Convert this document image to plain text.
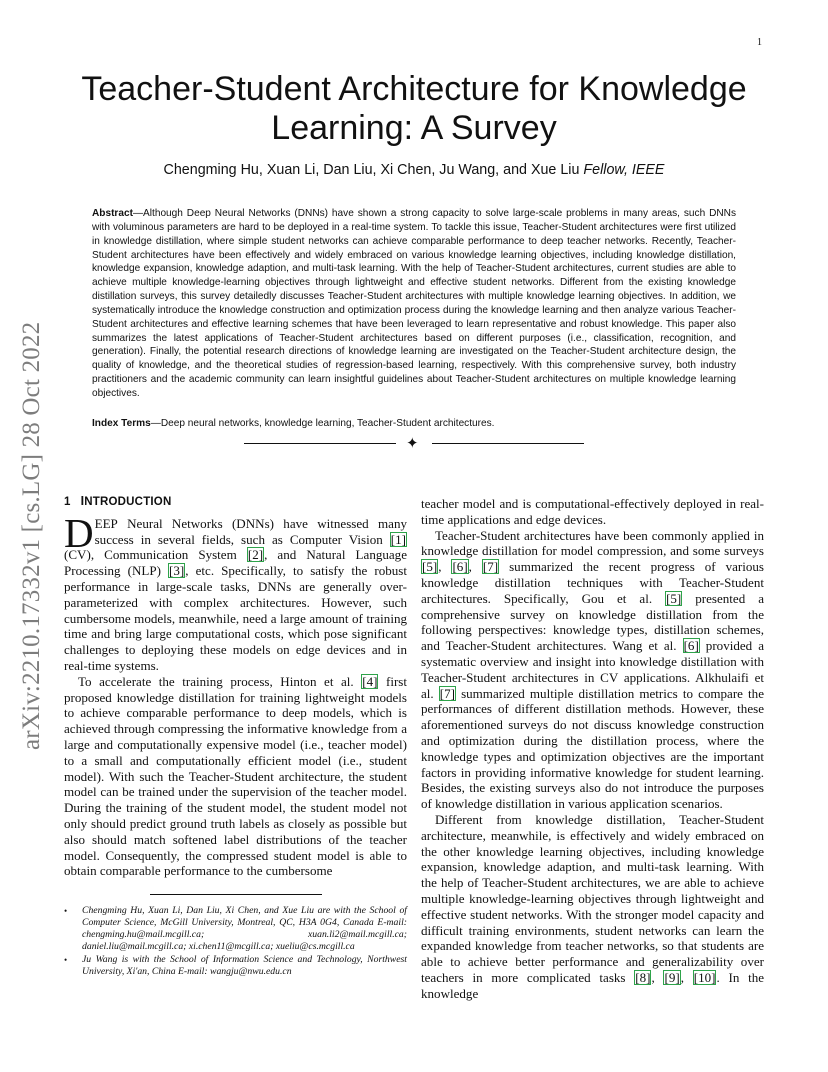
1
arXiv:2210.17332v1 [cs.LG] 28 Oct 2022
Teacher-Student Architecture for Knowledge Learning: A Survey
Chengming Hu, Xuan Li, Dan Liu, Xi Chen, Ju Wang, and Xue Liu Fellow, IEEE

Abstract—Although Deep Neural Networks (DNNs) have shown a strong capacity to solve large-scale problems in many areas, such DNNs with voluminous parameters are hard to be deployed in a real-time system. To tackle this issue, Teacher-Student architectures were first utilized in knowledge distillation, where simple student networks can achieve comparable performance to deep teacher networks. Recently, Teacher-Student architectures have been effectively and widely embraced on various knowledge learning objectives, including knowledge distillation, knowledge expansion, knowledge adaption, and multi-task learning. With the help of Teacher-Student architectures, current studies are able to achieve multiple knowledge-learning objectives through lightweight and effective student networks. Different from the existing knowledge distillation surveys, this survey detailedly discusses Teacher-Student architectures with multiple knowledge learning objectives. In addition, we systematically introduce the knowledge construction and optimization process during the knowledge learning and then analyze various Teacher-Student architectures and effective learning schemes that have been leveraged to learn representative and robust knowledge. This paper also summarizes the latest applications of Teacher-Student architectures based on different purposes (i.e., classification, recognition, and generation). Finally, the potential research directions of knowledge learning are investigated on the Teacher-Student architecture design, the quality of knowledge, and the theoretical studies of regression-based learning, respectively. With this comprehensive survey, both industry practitioners and the academic community can learn insightful guidelines about Teacher-Student architectures on multiple knowledge learning objectives.

Index Terms—Deep neural networks, knowledge learning, Teacher-Student architectures.

✦
1 INTRODUCTION

DEEP Neural Networks (DNNs) have witnessed many success in several fields, such as Computer Vision [1] (CV), Communication System [2], and Natural Language Processing (NLP) [3], etc. Specifically, to satisfy the robust performance in large-scale tasks, DNNs are generally over-parameterized with complex architectures. However, such cumbersome models, meanwhile, need a large amount of training time and bring large computational costs, which pose significant challenges to deploying these models on edge devices and in real-time systems.

To accelerate the training process, Hinton et al. [4] first proposed knowledge distillation for training lightweight models to achieve comparable performance to deep models, which is achieved through compressing the informative knowledge from a large and computationally expensive model (i.e., teacher model) to a small and computationally efficient model (i.e., student model). With such the Teacher-Student architecture, the student model can be trained under the supervision of the teacher model. During the training of the student model, the student model not only should predict ground truth labels as closely as possible but also should match softened label distributions of the teacher model. Consequently, the compressed student model is able to obtain comparable performance to the cumbersome

• Chengming Hu, Xuan Li, Dan Liu, Xi Chen, and Xue Liu are with the School of Computer Science, McGill University, Montreal, QC, H3A 0G4, Canada E-mail: chengming.hu@mail.mcgill.ca; xuan.li2@mail.mcgill.ca; daniel.liu@mail.mcgill.ca; xi.chen11@mcgill.ca; xueliu@cs.mcgill.ca
• Ju Wang is with the School of Information Science and Technology, Northwest University, Xi'an, China E-mail: wangju@nwu.edu.cn

teacher model and is computational-effectively deployed in real-time applications and edge devices.

Teacher-Student architectures have been commonly applied in knowledge distillation for model compression, and some surveys [5], [6], [7] summarized the recent progress of various knowledge distillation techniques with Teacher-Student architectures. Specifically, Gou et al. [5] presented a comprehensive survey on knowledge distillation from the following perspectives: knowledge types, distillation schemes, and Teacher-Student architectures. Wang et al. [6] provided a systematic overview and insight into knowledge distillation with Teacher-Student architectures in CV applications. Alkhulaifi et al. [7] summarized multiple distillation metrics to compare the performances of different distillation methods. However, these aforementioned surveys do not discuss knowledge construction and optimization during the distillation process, where the knowledge types and optimization objectives are the important factors in providing informative knowledge for student learning. Besides, the existing surveys also do not introduce the purposes of knowledge distillation in various application scenarios.

Different from knowledge distillation, Teacher-Student architecture, meanwhile, is effectively and widely embraced on the other knowledge learning objectives, including knowledge expansion, knowledge adaption, and multi-task learning. With the help of Teacher-Student architectures, we are able to achieve multiple knowledge-learning objectives through lightweight and effective student networks. With the stronger model capacity and difficult training environments, student networks can learn the expanded knowledge from teacher networks, so that students are able to achieve better performance and generalizability over teachers in more complicated tasks [8], [9], [10]. In the knowledge
